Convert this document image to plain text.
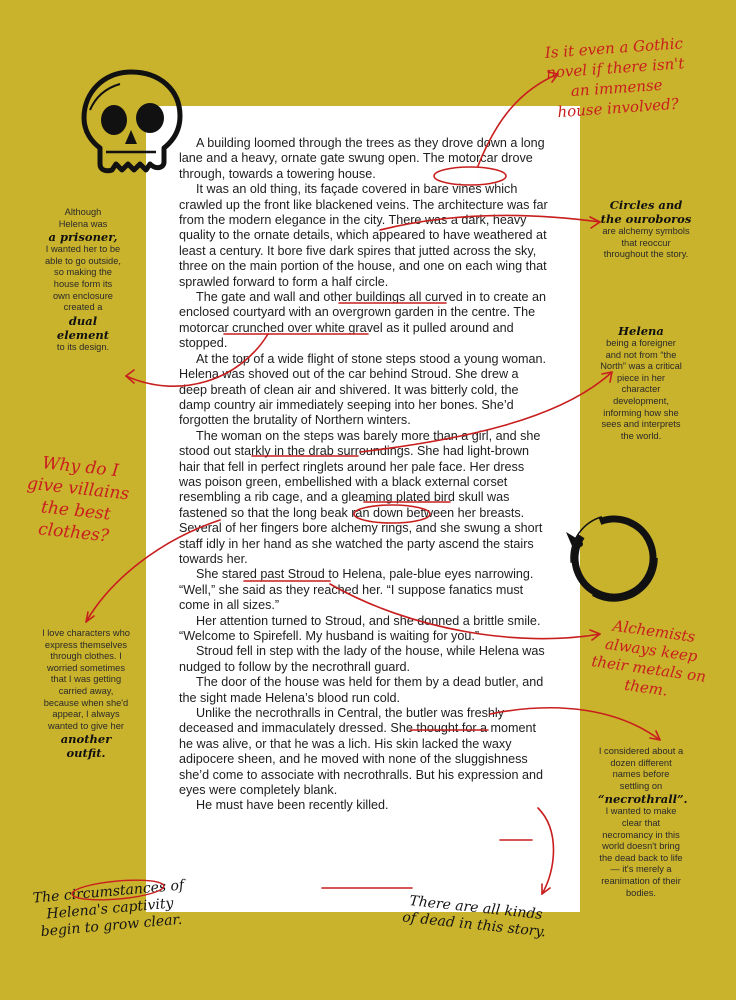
A building loomed through the trees as they drove down a long lane and a heavy, ornate gate swung open. The motorcar drove through, towards a towering house.

It was an old thing, its façade covered in bare vines which crawled up the front like blackened veins. The architecture was far from the modern elegance in the city. There was a dark, heavy quality to the ornate details, which appeared to have weathered at least a century. It bore five dark spires that jutted across the sky, three on the main portion of the house, and one on each wing that sprawled forward to form a half circle.

The gate and wall and other buildings all curved in to create an enclosed courtyard with an overgrown garden in the centre. The motorcar crunched over white gravel as it pulled around and stopped.

At the top of a wide flight of stone steps stood a young woman. Helena was shoved out of the car behind Stroud. She drew a deep breath of clean air and shivered. It was bitterly cold, the damp country air immediately seeping into her bones. She’d forgotten the brutality of Northern winters.

The woman on the steps was barely more than a girl, and she stood out starkly in the drab surroundings. She had light-brown hair that fell in perfect ringlets around her pale face. Her dress was poison green, embellished with a black external corset resembling a rib cage, and a gleaming plated bird skull was fastened so that the long beak ran down between her breasts. Several of her fingers bore alchemy rings, and she swung a short staff idly in her hand as she watched the party ascend the stairs towards her.

She stared past Stroud to Helena, pale-blue eyes narrowing. “Well,” she said as they reached her. “I suppose fanatics must come in all sizes.”

Her attention turned to Stroud, and she donned a brittle smile. “Welcome to Spirefell. My husband is waiting for you.”

Stroud fell in step with the lady of the house, while Helena was nudged to follow by the necrothrall guard.

The door of the house was held for them by a dead butler, and the sight made Helena’s blood run cold.

Unlike the necrothralls in Central, the butler was freshly deceased and immaculately dressed. She thought for a moment he was alive, or that he was a lich. His skin lacked the waxy adipocere sheen, and he moved with none of the sluggishness she’d come to associate with necrothralls. But his expression and eyes were completely blank.

He must have been recently killed.

Although
Helena was
a prisoner,
I wanted her to be able to go outside, so making the house form its own enclosure created a
dual element
to its design.
Is it even a Gothic novel if there isn't an immense house involved?
Circles and the ouroboros
are alchemy symbols that reoccur throughout the story.
Helena
being a foreigner and not from “the North” was a critical piece in her character development, informing how she sees and interprets the world.
Why do I give villains the best clothes?
I love characters who express themselves through clothes. I worried sometimes that I was getting carried away, because when she'd appear, I always wanted to give her
another outfit.
Alchemists always keep their metals on them.
I considered about a dozen different names before settling on
“necrothrall”.
I wanted to make clear that necromancy in this world doesn't bring the dead back to life— it's merely a reanimation of their bodies.
The circumstances of Helena's captivity begin to grow clear.
There are all kinds of dead in this story.
